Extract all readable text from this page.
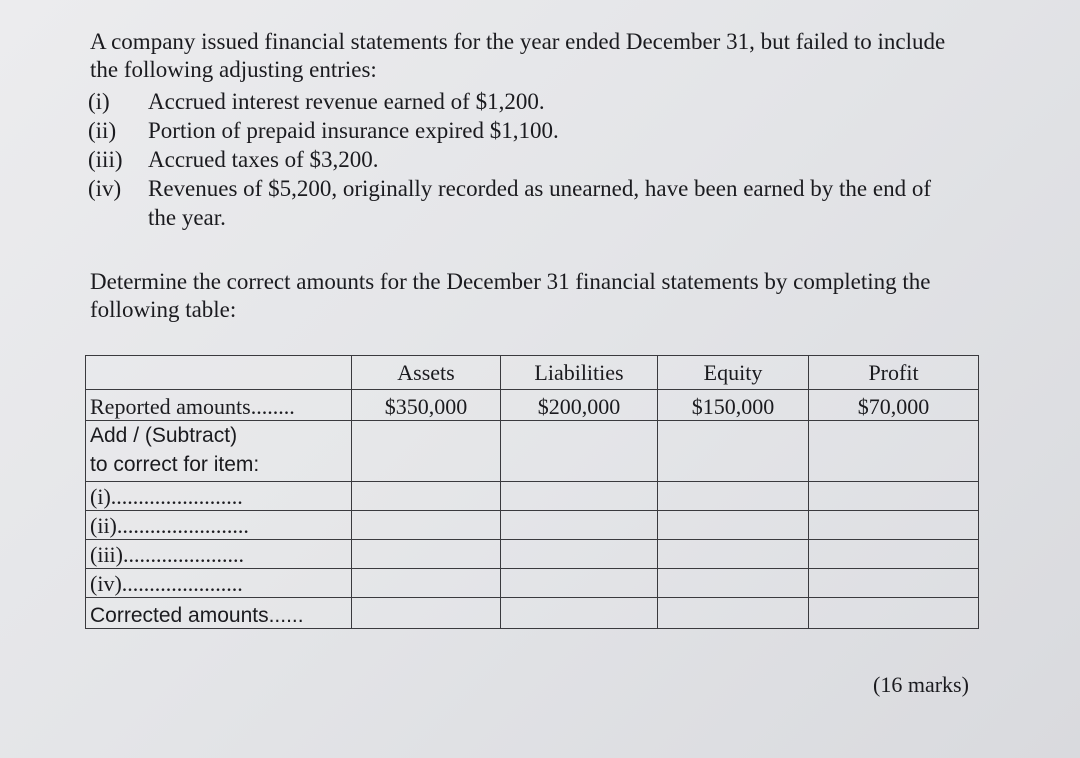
A company issued financial statements for the year ended December 31, but failed to include

the following adjusting entries:

(i)	Accrued interest revenue earned of $1,200.
(ii)	Portion of prepaid insurance expired $1,100.
(iii)	Accrued taxes of $3,200.
(iv)	Revenues of $5,200, originally recorded as unearned, have been earned by the end of
the year.

Determine the correct amounts for the December 31 financial statements by completing the

following table:

	Assets	Liabilities	Equity	Profit
Reported amounts........	$350,000	$200,000	$150,000	$70,000

Add / (Subtract)
to correct for item:				

(i)........................				
(ii)........................				
(iii)......................				
(iv)......................				
Corrected amounts......				
(16 marks)
